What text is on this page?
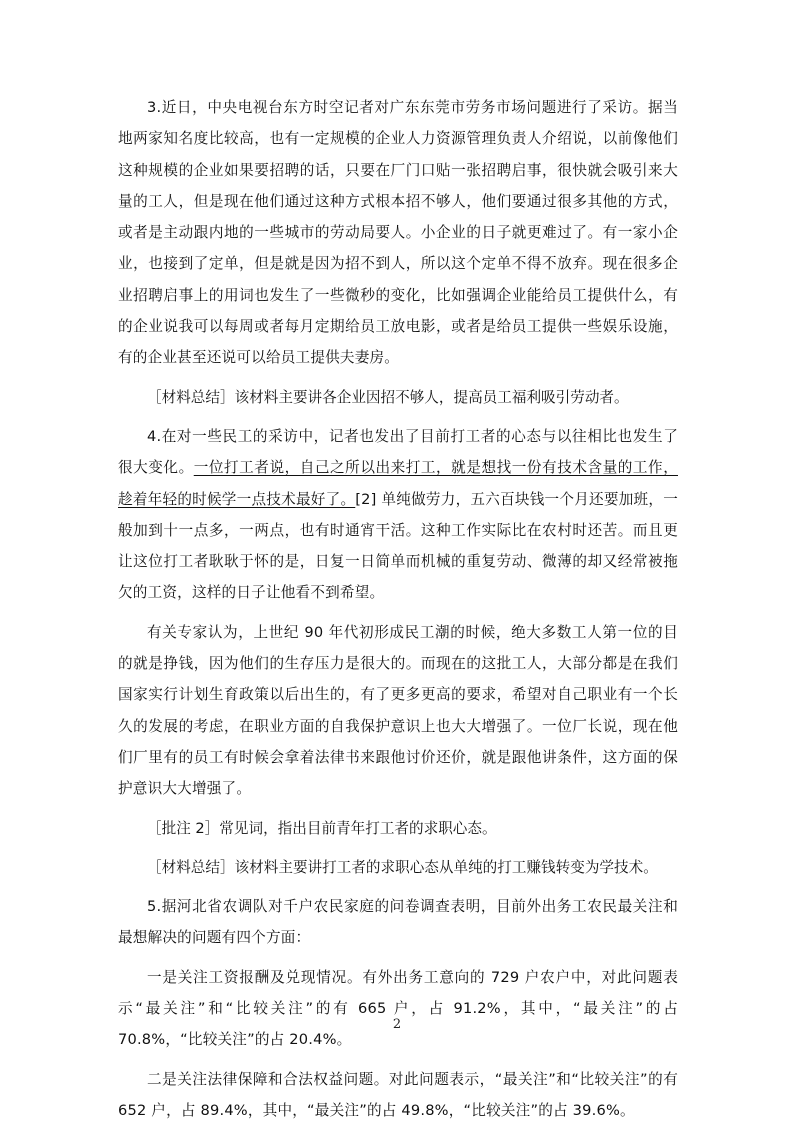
3.近日，中央电视台东方时空记者对广东东莞市劳务市场问题进行了采访。据当地两家知名度比较高，也有一定规模的企业人力资源管理负责人介绍说，以前像他们这种规模的企业如果要招聘的话，只要在厂门口贴一张招聘启事，很快就会吸引来大量的工人，但是现在他们通过这种方式根本招不够人，他们要通过很多其他的方式，或者是主动跟内地的一些城市的劳动局要人。小企业的日子就更难过了。有一家小企业，也接到了定单，但是就是因为招不到人，所以这个定单不得不放弃。现在很多企业招聘启事上的用词也发生了一些微秒的变化，比如强调企业能给员工提供什么，有的企业说我可以每周或者每月定期给员工放电影，或者是给员工提供一些娱乐设施，有的企业甚至还说可以给员工提供夫妻房。

［材料总结］该材料主要讲各企业因招不够人，提高员工福利吸引劳动者。

4.在对一些民工的采访中，记者也发出了目前打工者的心态与以往相比也发生了很大变化。一位打工者说，自己之所以出来打工，就是想找一份有技术含量的工作，趁着年轻的时候学一点技术最好了。[2] 单纯做劳力，五六百块钱一个月还要加班，一般加到十一点多，一两点，也有时通宵干活。这种工作实际比在农村时还苦。而且更让这位打工者耿耿于怀的是，日复一日简单而机械的重复劳动、微薄的却又经常被拖欠的工资，这样的日子让他看不到希望。

有关专家认为，上世纪 90 年代初形成民工潮的时候，绝大多数工人第一位的目的就是挣钱，因为他们的生存压力是很大的。而现在的这批工人，大部分都是在我们国家实行计划生育政策以后出生的，有了更多更高的要求，希望对自己职业有一个长久的发展的考虑，在职业方面的自我保护意识上也大大增强了。一位厂长说，现在他们厂里有的员工有时候会拿着法律书来跟他讨价还价，就是跟他讲条件，这方面的保护意识大大增强了。

［批注 2］常见词，指出目前青年打工者的求职心态。

［材料总结］该材料主要讲打工者的求职心态从单纯的打工赚钱转变为学技术。

5.据河北省农调队对千户农民家庭的问卷调查表明，目前外出务工农民最关注和最想解决的问题有四个方面：

一是关注工资报酬及兑现情况。有外出务工意向的 729 户农户中，对此问题表示“最关注”和“比较关注”的有 665 户，占 91.2%，其中，“最关注”的占 70.8%，“比较关注”的占 20.4%。

二是关注法律保障和合法权益问题。对此问题表示，“最关注”和“比较关注”的有 652 户，占 89.4%，其中，“最关注”的占 49.8%，“比较关注”的占 39.6%。

2
